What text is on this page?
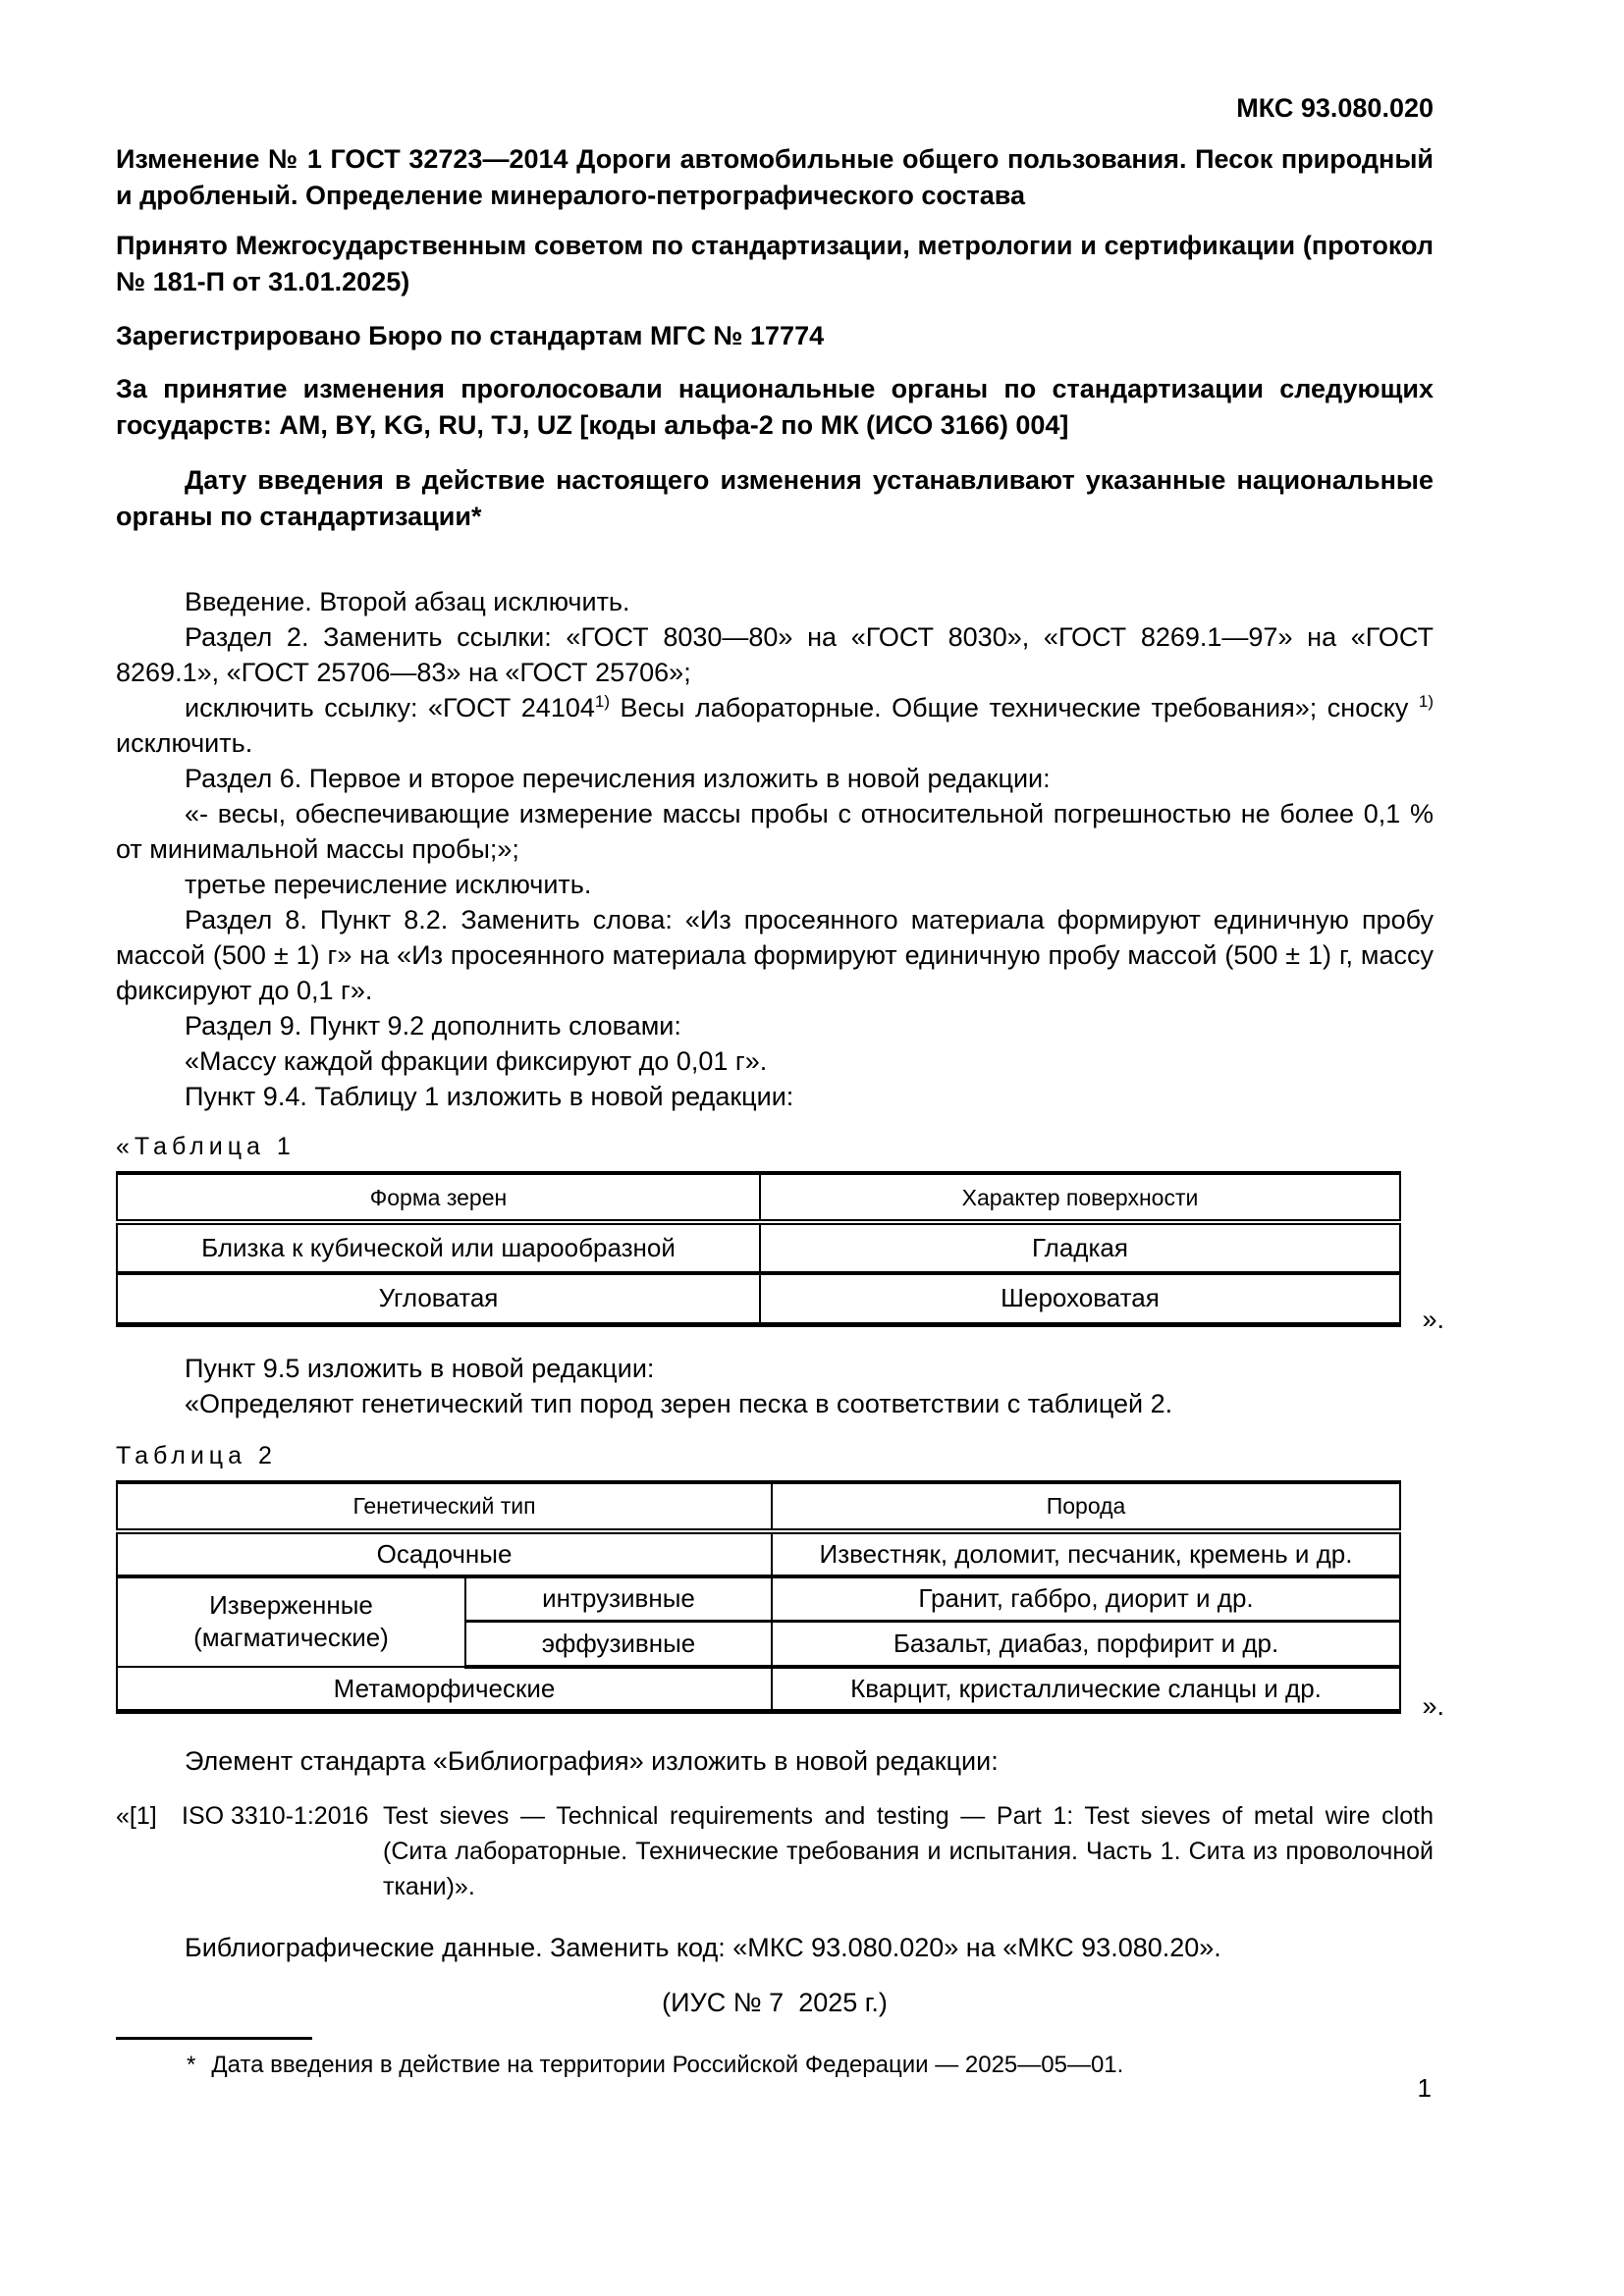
МКС 93.080.020

Изменение № 1 ГОСТ 32723—2014 Дороги автомобильные общего пользования. Песок природный и дробленый. Определение минералого-петрографического состава

Принято Межгосударственным советом по стандартизации, метрологии и сертификации (протокол № 181-П от 31.01.2025)

Зарегистрировано Бюро по стандартам МГС № 17774

За принятие изменения проголосовали национальные органы по стандартизации следующих государств: AM, BY, KG, RU, TJ, UZ [коды альфа-2 по МК (ИСО 3166) 004]

Дату введения в действие настоящего изменения устанавливают указанные национальные органы по стандартизации*

Введение. Второй абзац исключить.

Раздел 2. Заменить ссылки: «ГОСТ 8030—80» на «ГОСТ 8030», «ГОСТ 8269.1—97» на «ГОСТ 8269.1», «ГОСТ 25706—83» на «ГОСТ 25706»;

исключить ссылку: «ГОСТ 24104$^{1)}$ Весы лабораторные. Общие технические требования»; сноску $^{1)}$ исключить.

Раздел 6. Первое и второе перечисления изложить в новой редакции:

«- весы, обеспечивающие измерение массы пробы с относительной погрешностью не более 0,1 % от минимальной массы пробы;»;

третье перечисление исключить.

Раздел 8. Пункт 8.2. Заменить слова: «Из просеянного материала формируют единичную пробу массой (500 ± 1) г» на «Из просеянного материала формируют единичную пробу массой (500 ± 1) г, массу фиксируют до 0,1 г».

Раздел 9. Пункт 9.2 дополнить словами:

«Массу каждой фракции фиксируют до 0,01 г».

Пункт 9.4. Таблицу 1 изложить в новой редакции:

«Таблица 1

Форма зерен	Характер поверхности
Близка к кубической или шарообразной	Гладкая
Угловатая	Шероховатая
».

Пункт 9.5 изложить в новой редакции:

«Определяют генетический тип пород зерен песка в соответствии с таблицей 2.

Таблица 2

Генетический тип		Порода
Осадочные		Известняк, доломит, песчаник, кремень и др.
Изверженные (магматические)	интрузивные	Гранит, габбро, диорит и др.
	эффузивные	Базальт, диабаз, порфирит и др.
Метаморфические		Кварцит, кристаллические сланцы и др.
».

Элемент стандарта «Библиография» изложить в новой редакции:

«[1]	ISO 3310-1:2016 Test sieves — Technical requirements and testing — Part 1: Test sieves of metal wire cloth (Сита лабораторные. Технические требования и испытания. Часть 1. Сита из проволочной ткани)».

Библиографические данные. Заменить код: «МКС 93.080.020» на «МКС 93.080.20».

(ИУС № 7  2025 г.)

* Дата введения в действие на территории Российской Федерации — 2025—05—01.

1
